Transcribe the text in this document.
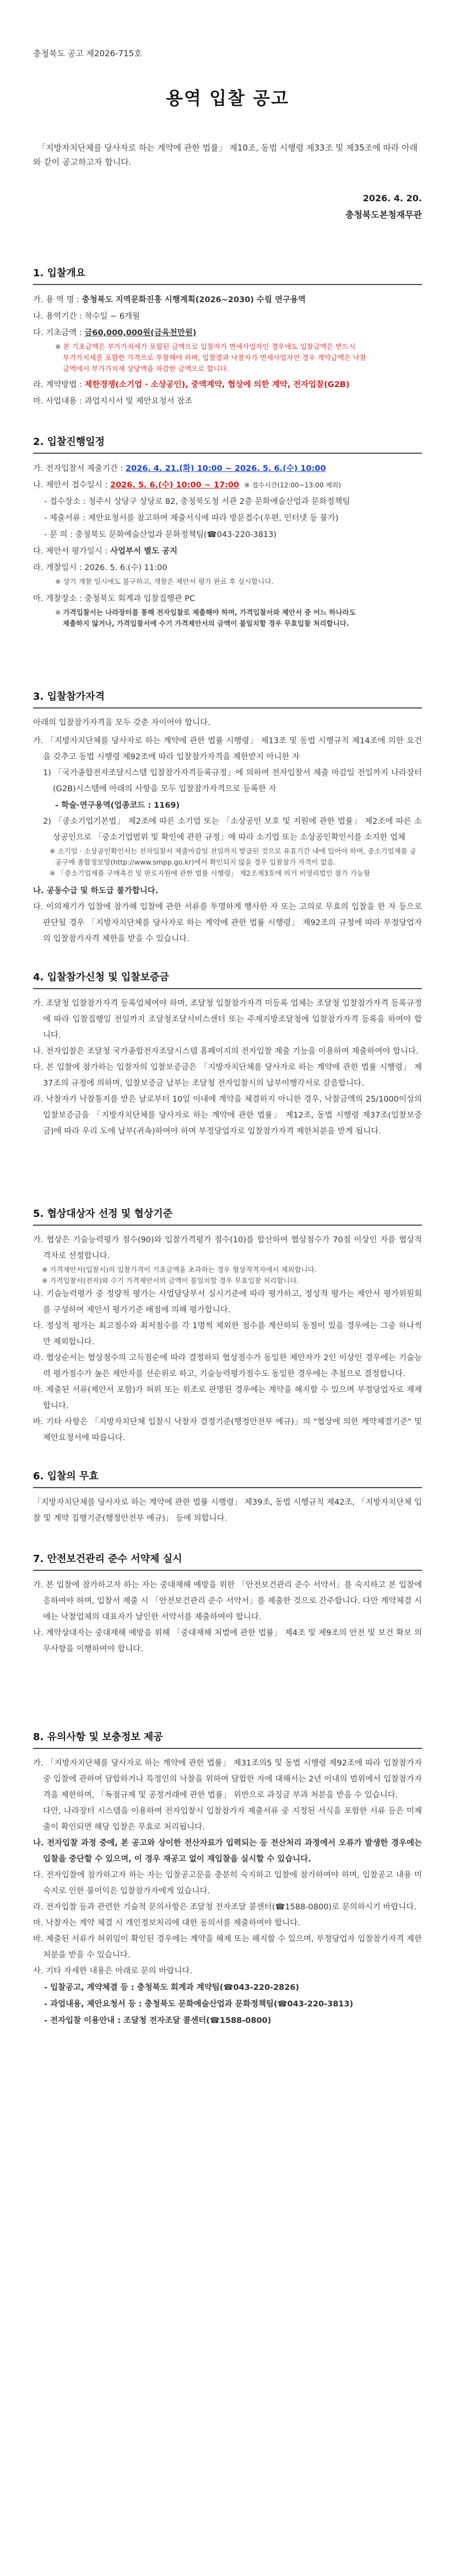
충청북도 공고 제2026-715호
용역 입찰 공고
「지방자치단체를 당사자로 하는 계약에 관한 법률」 제10조, 동법 시행령 제33조 및 제35조에 따라 아래와 같이 공고하고자 합니다.
2026. 4. 20.
충청북도본청재무관
1. 입찰개요
가. 용 역 명 : 충청북도 지역문화진흥 시행계획(2026~2030) 수립 연구용역
나. 용역기간 : 착수일 ~ 6개월
다. 기초금액 : 금60,000,000원(금육천만원)
※ 본 기초금액은 부가가치세가 포함된 금액으로 입찰자가 면세사업자인 경우에도 입찰금액은 반드시
부가가치세를 포함한 가격으로 투찰해야 하며, 입찰결과 낙찰자가 면세사업자인 경우 계약금액은 낙찰
금액에서 부가가치세 상당액을 차감한 금액으로 합니다.
라. 계약방법 : 제한경쟁(소기업 · 소상공인), 중액계약, 협상에 의한 계약, 전자입찰(G2B)
마. 사업내용 : 과업지시서 및 제안요청서 참조
2. 입찰진행일정
가. 전자입찰서 제출기간 : 2026. 4. 21.(화) 10:00 ~ 2026. 5. 6.(수) 10:00
나. 제안서 접수일시 : 2026. 5. 6.(수) 10:00 ~ 17:00 ※ 접수시간(12:00~13:00 제외)
- 접수장소 : 청주시 상당구 상당로 82, 충청북도청 서관 2층 문화예술산업과 문화정책팀
- 제출서류 : 제안요청서를 참고하여 제출서식에 따라 방문접수(우편, 인터넷 등 불가)
- 문 의 : 충청북도 문화예술산업과 문화정책팀(☎043-220-3813)
다. 제안서 평가일시 : 사업부서 별도 공지
라. 개찰일시 : 2026. 5. 6.(수) 11:00
※ 상기 개찰 일시에도 불구하고, 개찰은 제안서 평가 완료 후 실시합니다.
마. 개찰장소 : 충청북도 회계과 입찰집행관 PC
※ 가격입찰서는 나라장터를 통해 전자입찰로 제출해야 하며, 가격입찰서와 제안서 중 어느 하나라도
제출하지 않거나, 가격입찰서에 수기 가격제안서의 금액이 불일치할 경우 무효입찰 처리합니다.
3. 입찰참가자격
아래의 입찰참가자격을 모두 갖춘 자이어야 합니다.
가. 「지방자치단체를 당사자로 하는 계약에 관한 법률 시행령」 제13조 및 동법 시행규칙 제14조에 의한 요건을 갖추고 동법 시행령 제92조에 따라 입찰참가자격을 제한받지 아니한 자
1) 「국가종합전자조달시스템 입찰참가자격등록규정」에 의하여 전자입찰서 제출 마감일 전일까지 나라장터(G2B)시스템에 아래의 사항을 모두 입찰참가자격으로 등록한 자
- 학술·연구용역(업종코드 : 1169)
2) 「중소기업기본법」 제2조에 따른 소기업 또는 「소상공인 보호 및 지원에 관한 법률」 제2조에 따른 소상공인으로 「중소기업범위 및 확인에 관한 규정」에 따라 소기업 또는 소상공인확인서를 소지한 업체
※ 소기업 · 소상공인확인서는 전자입찰서 제출마감일 전일까지 발급된 것으로 유효기간 내에 있어야 하며, 중소기업제품 공공구매 종합정보망(http://www.smpp.go.kr)에서 확인되지 않을 경우 입찰참가 자격이 없음.
※ 「중소기업제품 구매촉진 및 판로지원에 관한 법률 시행령」 제2조제3호에 의거 비영리법인 참가 가능함
나. 공동수급 및 하도급 불가합니다.
다. 이의제기가 입찰에 참가해 입찰에 관한 서류를 투명하게 행사한 자 또는 고의로 무효의 입찰을 한 자 등으로 판단될 경우 「지방자치단체를 당사자로 하는 계약에 관한 법률 시행령」 제92조의 규정에 따라 부정당업자의 입찰참가자격 제한을 받을 수 있습니다.
4. 입찰참가신청 및 입찰보증금
가. 조달청 입찰참가자격 등록업체여야 하며, 조달청 입찰참가자격 미등록 업체는 조달청 입찰참가자격 등록규정에 따라 입찰집행일 전일까지 조달청조달서비스센터 또는 주재지방조달청에 입찰참가자격 등록을 하여야 합니다.
나. 전자입찰은 조달청 국가종합전자조달시스템 홈페이지의 전자입찰 제출 기능을 이용하여 제출하여야 합니다.
다. 본 입찰에 참가하는 입찰자의 입찰보증금은 「지방자치단체를 당사자로 하는 계약에 관한 법률 시행령」 제37조의 규정에 의하며, 입찰보증금 납부는 조달청 전자입찰시의 납부이행각서로 갈음합니다.
라. 낙찰자가 낙찰통지를 받은 날로부터 10일 이내에 계약을 체결하지 아니한 경우, 낙찰금액의 25/1000이상의 입찰보증금을 「지방자치단체를 당사자로 하는 계약에 관한 법률」 제12조, 동법 시행령 제37조(입찰보증금)에 따라 우리 도에 납부(귀속)하여야 하며 부정당업자로 입찰참가자격 제한처분을 받게 됩니다.
5. 협상대상자 선정 및 협상기준
가. 협상은 기술능력평가 점수(90)와 입찰가격평가 점수(10)를 합산하여 협상점수가 70점 이상인 자를 협상적격자로 선정합니다.
※ 가격제안서(입찰서)의 입찰가격이 기초금액을 초과하는 경우 협상적격자에서 제외합니다.
※ 가격입찰서(전자)와 수기 가격제안서의 금액이 불일치할 경우 무효입찰 처리합니다.
나. 기술능력평가 중 정량적 평가는 사업담당부서 실시기준에 따라 평가하고, 정성적 평가는 제안서 평가위원회를 구성하여 제안서 평가기준 배점에 의해 평가합니다.
다. 정성적 평가는 최고점수와 최저점수를 각 1명씩 제외한 점수를 계산하되 동점이 있을 경우에는 그중 하나씩만 제외합니다.
라. 협상순서는 협상점수의 고득점순에 따라 결정하되 협상점수가 동일한 제안자가 2인 이상인 경우에는 기술능력 평가점수가 높은 제안자를 선순위로 하고, 기술능력평가점수도 동일한 경우에는 추첨으로 결정합니다.
마. 제출된 서류(제안서 포함)가 허위 또는 위조로 판명된 경우에는 계약을 해지할 수 있으며 부정당업자로 제재합니다.
바. 기타 사항은 「지방자치단체 입찰시 낙찰자 결정기준(행정안전부 예규)」의 "협상에 의한 계약체결기준" 및 제안요청서에 따릅니다.
6. 입찰의 무효
「지방자치단체를 당사자로 하는 계약에 관한 법률 시행령」 제39조, 동법 시행규칙 제42조, 「지방자치단체 입찰 및 계약 집행기준(행정안전부 예규)」 등에 의합니다.
7. 안전보건관리 준수 서약제 실시
가. 본 입찰에 참가하고자 하는 자는 중대재해 예방을 위한 「안전보건관리 준수 서약서」를 숙지하고 본 입찰에 응하여야 하며, 입찰서 제출 시 「안전보건관리 준수 서약서」를 제출한 것으로 간주합니다. 다만 계약체결 시에는 낙찰업체의 대표자가 날인한 서약서를 제출하여야 합니다.
나. 계약상대자는 중대재해 예방을 위해 「중대재해 처벌에 관한 법률」 제4조 및 제9조의 안전 및 보건 확보 의무사항을 이행하여야 합니다.
8. 유의사항 및 보충정보 제공
가. 「지방자치단체를 당사자로 하는 계약에 관한 법률」 제31조의5 및 동법 시행령 제92조에 따라 입찰참가자 중 입찰에 관하여 담합하거나 특정인의 낙찰을 위하여 담합한 자에 대해서는 2년 이내의 범위에서 입찰참가자격을 제한하며, 「독점규제 및 공정거래에 관한 법률」 위반으로 과징금 부과 처분을 받을 수 있습니다.
다만, 나라장터 시스템을 이용하여 전자입찰시 입찰참가자 제출서류 중 지정된 서식을 포함한 서류 등은 미제출이 확인되면 해당 입찰은 무효로 처리됩니다.
나. 전자입찰 과정 중에, 본 공고와 상이한 전산자료가 입력되는 등 전산처리 과정에서 오류가 발생한 경우에는 입찰을 중단할 수 있으며, 이 경우 재공고 없이 재입찰을 실시할 수 있습니다.
다. 전자입찰에 참가하고자 하는 자는 입찰공고문을 충분히 숙지하고 입찰에 참가하여야 하며, 입찰공고 내용 미숙지로 인한 불이익은 입찰참가자에게 있습니다.
라. 전자입찰 등과 관련한 기술적 문의사항은 조달청 전자조달 콜센터(☎1588-0800)로 문의하시기 바랍니다.
마. 낙찰자는 계약 체결 시 개인정보처리에 대한 동의서를 제출하여야 합니다.
바. 제출된 서류가 허위임이 확인된 경우에는 계약을 해제 또는 해지할 수 있으며, 부정당업자 입찰참가자격 제한 처분을 받을 수 있습니다.
사. 기타 자세한 내용은 아래로 문의 바랍니다.
- 입찰공고, 계약체결 등 : 충청북도 회계과 계약팀(☎043-220-2826)
- 과업내용, 제안요청서 등 : 충청북도 문화예술산업과 문화정책팀(☎043-220-3813)
- 전자입찰 이용안내 : 조달청 전자조달 콜센터(☎1588-0800)
